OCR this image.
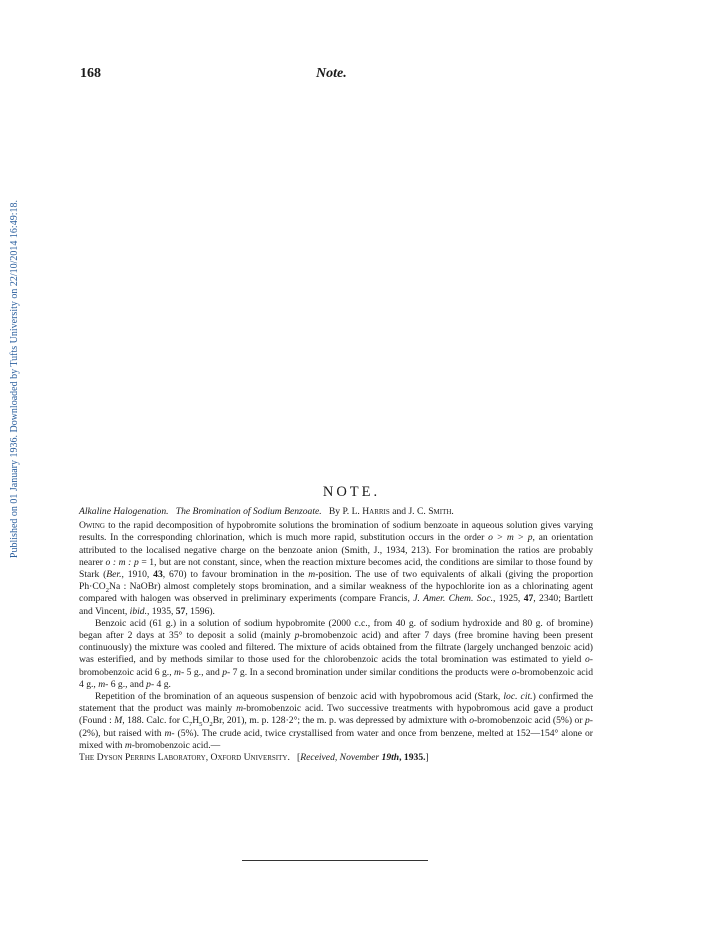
168	Note.
Published on 01 January 1936. Downloaded by Tufts University on 22/10/2014 16:49:18.	NOTE.

Alkaline Halogenation. The Bromination of Sodium Benzoate. By P. L. Harris and J. C. Smith.

Owing to the rapid decomposition of hypobromite solutions the bromination of sodium benzoate in aqueous solution gives varying results. In the corresponding chlorination, which is much more rapid, substitution occurs in the order o > m > p, an orientation attributed to the localised negative charge on the benzoate anion (Smith, J., 1934, 213). For bromination the ratios are probably nearer o : m : p = 1, but are not constant, since, when the reaction mixture becomes acid, the conditions are similar to those found by Stark (Ber., 1910, 43, 670) to favour bromination in the m-position. The use of two equivalents of alkali (giving the proportion $Ph\cdot CO_2Na$ : NaOBr) almost completely stops bromination, and a similar weakness of the hypochlorite ion as a chlorinating agent compared with halogen was observed in preliminary experiments (compare Francis, J. Amer. Chem. Soc., 1925, 47, 2340; Bartlett and Vincent, ibid., 1935, 57, 1596).

Benzoic acid (61 g.) in a solution of sodium hypobromite (2000 c.c., from 40 g. of sodium hydroxide and 80 g. of bromine) began after 2 days at 35° to deposit a solid (mainly p-bromobenzoic acid) and after 7 days (free bromine having been present continuously) the mixture was cooled and filtered. The mixture of acids obtained from the filtrate (largely unchanged benzoic acid) was esterified, and by methods similar to those used for the chlorobenzoic acids the total bromination was estimated to yield o-bromobenzoic acid 6 g., m- 5 g., and p- 7 g. In a second bromination under similar conditions the products were o-bromobenzoic acid 4 g., m- 6 g., and p- 4 g.

Repetition of the bromination of an aqueous suspension of benzoic acid with hypobromous acid (Stark, loc. cit.) confirmed the statement that the product was mainly m-bromobenzoic acid. Two successive treatments with hypobromous acid gave a product (Found : M, 188. Calc. for $C_7H_5O_2Br$, 201), m. p. 128·2°; the m. p. was depressed by admixture with o-bromobenzoic acid (5%) or p- (2%), but raised with m- (5%). The crude acid, twice crystallised from water and once from benzene, melted at 152—154° alone or mixed with m-bromobenzoic acid.—

The Dyson Perrins Laboratory, Oxford University.   [Received, November 19th, 1935.]
